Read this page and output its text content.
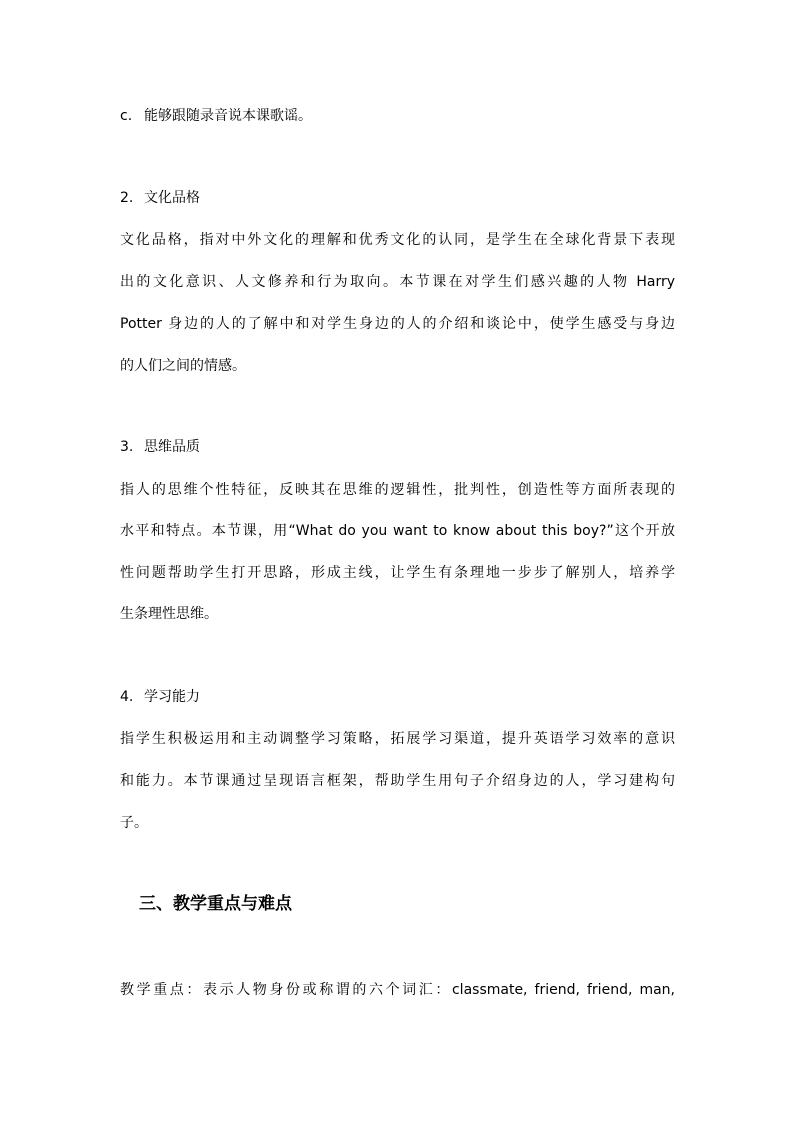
c. 能够跟随录音说本课歌谣。
2. 文化品格
文化品格，指对中外文化的理解和优秀文化的认同，是学生在全球化背景下表现
出的文化意识、人文修养和行为取向。本节课在对学生们感兴趣的人物 Harry
Potter 身边的人的了解中和对学生身边的人的介绍和谈论中，使学生感受与身边
的人们之间的情感。
3. 思维品质
指人的思维个性特征，反映其在思维的逻辑性，批判性，创造性等方面所表现的
水平和特点。本节课，用“What do you want to know about this boy?”这个开放
性问题帮助学生打开思路，形成主线，让学生有条理地一步步了解别人，培养学
生条理性思维。
4. 学习能力
指学生积极运用和主动调整学习策略，拓展学习渠道，提升英语学习效率的意识
和能力。本节课通过呈现语言框架，帮助学生用句子介绍身边的人，学习建构句
子。
三、教学重点与难点
教学重点：表示人物身份或称谓的六个词汇：classmate, friend, friend, man,
